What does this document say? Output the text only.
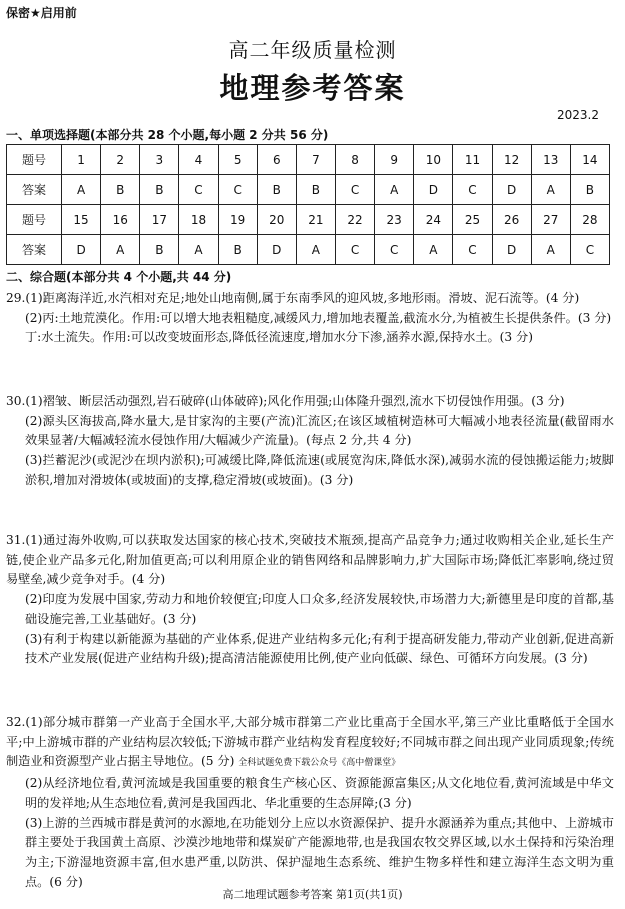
保密★启用前
高二年级质量检测
地理参考答案
2023.2
一、单项选择题(本部分共 28 个小题,每小题 2 分共 56 分)
题号	1	2	3	4	5	6	7	8	9	10	11	12	13	14
答案	A	B	B	C	C	B	B	C	A	D	C	D	A	B
题号	15	16	17	18	19	20	21	22	23	24	25	26	27	28
答案	D	A	B	A	B	D	A	C	C	A	C	D	A	C
二、综合题(本部分共 4 个小题,共 44 分)

29.(1)距离海洋近,水汽相对充足;地处山地南侧,属于东南季风的迎风坡,多地形雨。滑坡、泥石流等。(4 分)

(2)丙:土地荒漠化。作用:可以增大地表粗糙度,减缓风力,增加地表覆盖,截流水分,为植被生长提供条件。(3 分)

丁:水土流失。作用:可以改变坡面形态,降低径流速度,增加水分下渗,涵养水源,保持水土。(3 分)

30.(1)褶皱、断层活动强烈,岩石破碎(山体破碎);风化作用强;山体隆升强烈,流水下切侵蚀作用强。(3 分)

(2)源头区海拔高,降水量大,是甘家沟的主要(产流)汇流区;在该区域植树造林可大幅减小地表径流量(截留雨水效果显著/大幅减轻流水侵蚀作用/大幅减少产流量)。(每点 2 分,共 4 分)

(3)拦蓄泥沙(或泥沙在坝内淤积);可减缓比降,降低流速(或展宽沟床,降低水深),减弱水流的侵蚀搬运能力;坡脚淤积,增加对滑坡体(或坡面)的支撑,稳定滑坡(或坡面)。(3 分)

31.(1)通过海外收购,可以获取发达国家的核心技术,突破技术瓶颈,提高产品竞争力;通过收购相关企业,延长生产链,使企业产品多元化,附加值更高;可以利用原企业的销售网络和品牌影响力,扩大国际市场;降低汇率影响,绕过贸易壁垒,减少竞争对手。(4 分)

(2)印度为发展中国家,劳动力和地价较便宜;印度人口众多,经济发展较快,市场潜力大;新德里是印度的首都,基础设施完善,工业基础好。(3 分)

(3)有利于构建以新能源为基础的产业体系,促进产业结构多元化;有利于提高研发能力,带动产业创新,促进高新技术产业发展(促进产业结构升级);提高清洁能源使用比例,使产业向低碳、绿色、可循环方向发展。(3 分)

32.(1)部分城市群第一产业高于全国水平,大部分城市群第二产业比重高于全国水平,第三产业比重略低于全国水平;中上游城市群的产业结构层次较低;下游城市群产业结构发育程度较好;不同城市群之间出现产业同质现象;传统制造业和资源型产业占据主导地位。(5 分) 全科试题免费下载公众号《高中僧课堂》

(2)从经济地位看,黄河流域是我国重要的粮食生产核心区、资源能源富集区;从文化地位看,黄河流域是中华文明的发祥地;从生态地位看,黄河是我国西北、华北重要的生态屏障;(3 分)

(3)上游的兰西城市群是黄河的水源地,在功能划分上应以水资源保护、提升水源涵养为重点;其他中、上游城市群主要处于我国黄土高原、沙漠沙地地带和煤炭矿产能源地带,也是我国农牧交界区域,以水土保持和污染治理为主;下游湿地资源丰富,但水患严重,以防洪、保护湿地生态系统、维护生物多样性和建立海洋生态文明为重点。(6 分)

高二地理试题参考答案 第1页(共1页)
